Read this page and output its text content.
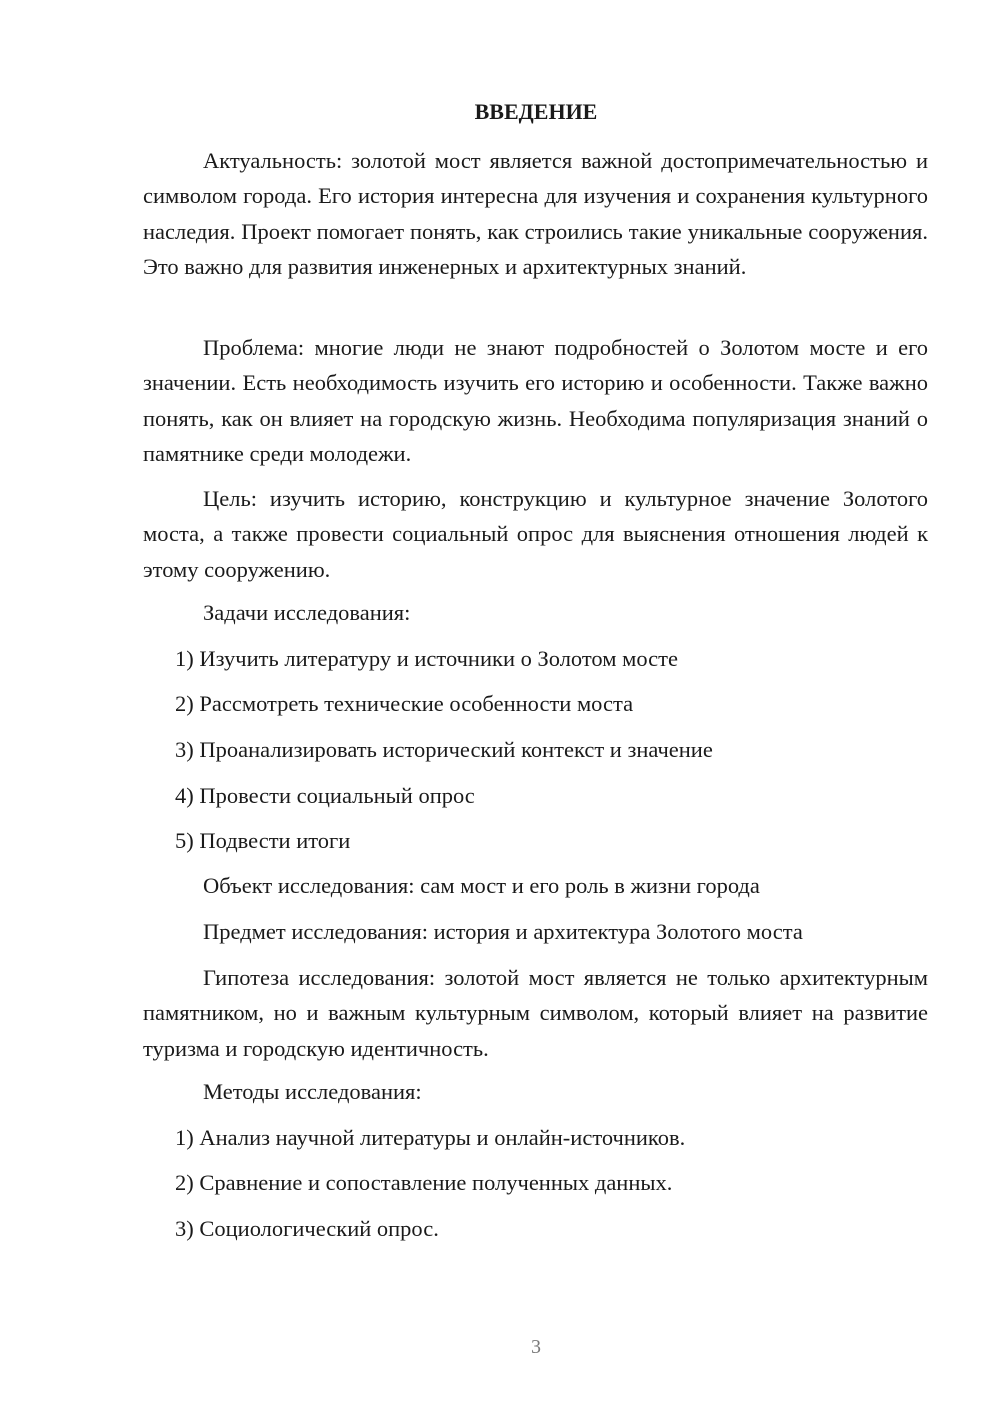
ВВЕДЕНИЕ

Актуальность: золотой мост является важной достопримечательностью и символом города. Его история интересна для изучения и сохранения культурного наследия. Проект помогает понять, как строились такие уникальные сооружения. Это важно для развития инженерных и архитектурных знаний.

Проблема: многие люди не знают подробностей о Золотом мосте и его значении. Есть необходимость изучить его историю и особенности. Также важно понять, как он влияет на городскую жизнь. Необходима популяризация знаний о памятнике среди молодежи.

Цель: изучить историю, конструкцию и культурное значение Золотого моста, а также провести социальный опрос для выяснения отношения людей к этому сооружению.

Задачи исследования:
1) Изучить литературу и источники о Золотом мосте
2) Рассмотреть технические особенности моста
3) Проанализировать исторический контекст и значение
4) Провести социальный опрос
5) Подвести итоги
Объект исследования: сам мост и его роль в жизни города
Предмет исследования: история и архитектура Золотого моста

Гипотеза исследования: золотой мост является не только архитектурным памятником, но и важным культурным символом, который влияет на развитие туризма и городскую идентичность.

Методы исследования:
1) Анализ научной литературы и онлайн-источников.
2) Сравнение и сопоставление полученных данных.
3) Социологический опрос.
3
